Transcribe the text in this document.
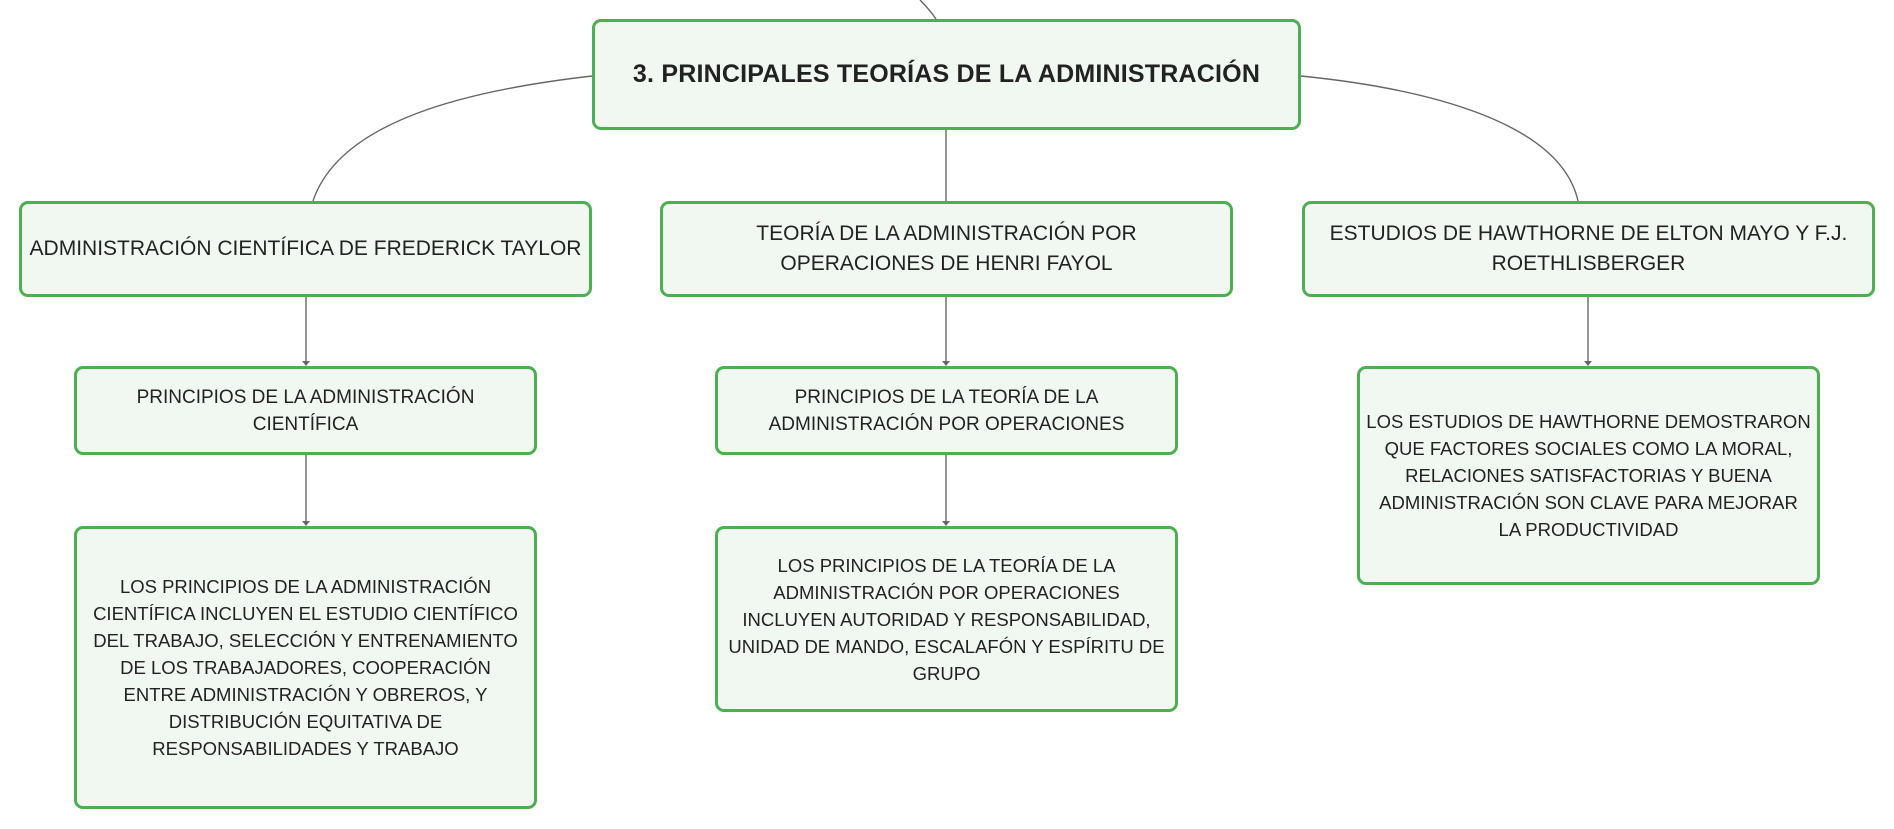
3. PRINCIPALES TEORÍAS DE LA ADMINISTRACIÓN
ADMINISTRACIÓN CIENTÍFICA DE FREDERICK TAYLOR
PRINCIPIOS DE LA ADMINISTRACIÓN CIENTÍFICA
LOS PRINCIPIOS DE LA ADMINISTRACIÓN CIENTÍFICA INCLUYEN EL ESTUDIO CIENTÍFICO DEL TRABAJO, SELECCIÓN Y ENTRENAMIENTO DE LOS TRABAJADORES, COOPERACIÓN ENTRE ADMINISTRACIÓN Y OBREROS, Y DISTRIBUCIÓN EQUITATIVA DE RESPONSABILIDADES Y TRABAJO
TEORÍA DE LA ADMINISTRACIÓN POR OPERACIONES DE HENRI FAYOL
PRINCIPIOS DE LA TEORÍA DE LA ADMINISTRACIÓN POR OPERACIONES
LOS PRINCIPIOS DE LA TEORÍA DE LA ADMINISTRACIÓN POR OPERACIONES INCLUYEN AUTORIDAD Y RESPONSABILIDAD, UNIDAD DE MANDO, ESCALAFÓN Y ESPÍRITU DE GRUPO
ESTUDIOS DE HAWTHORNE DE ELTON MAYO Y F.J. ROETHLISBERGER
LOS ESTUDIOS DE HAWTHORNE DEMOSTRARON QUE FACTORES SOCIALES COMO LA MORAL, RELACIONES SATISFACTORIAS Y BUENA ADMINISTRACIÓN SON CLAVE PARA MEJORAR LA PRODUCTIVIDAD
